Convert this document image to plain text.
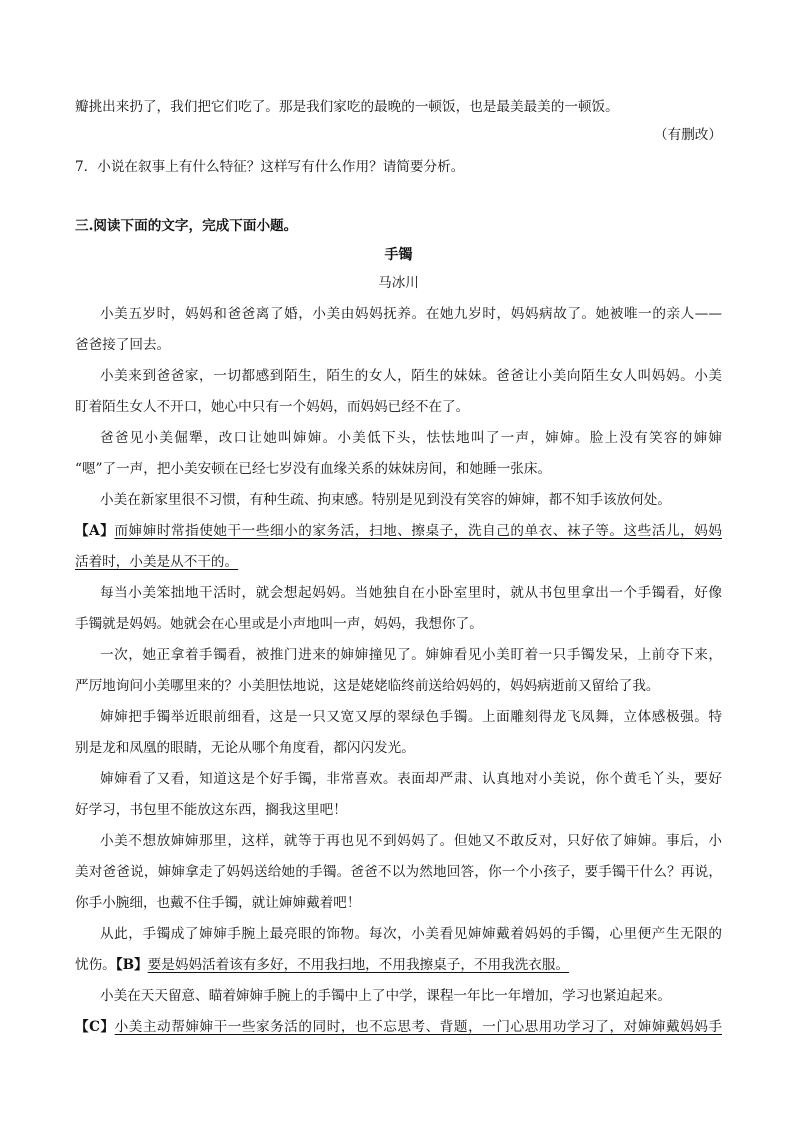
瓣挑出来扔了，我们把它们吃了。那是我们家吃的最晚的一顿饭，也是最美最美的一顿饭。
（有删改）
7．小说在叙事上有什么特征？这样写有什么作用？请简要分析。
三.阅读下面的文字，完成下面小题。
手镯
马冰川
小美五岁时，妈妈和爸爸离了婚，小美由妈妈抚养。在她九岁时，妈妈病故了。她被唯一的亲人——
爸爸接了回去。
小美来到爸爸家，一切都感到陌生，陌生的女人，陌生的妹妹。爸爸让小美向陌生女人叫妈妈。小美
盯着陌生女人不开口，她心中只有一个妈妈，而妈妈已经不在了。
爸爸见小美倔犟，改口让她叫婶婶。小美低下头，怯怯地叫了一声，婶婶。脸上没有笑容的婶婶
“嗯”了一声，把小美安顿在已经七岁没有血缘关系的妹妹房间，和她睡一张床。
小美在新家里很不习惯，有种生疏、拘束感。特别是见到没有笑容的婶婶，都不知手该放何处。
【A】而婶婶时常指使她干一些细小的家务活，扫地、擦桌子，洗自己的单衣、袜子等。这些活儿，妈妈
活着时，小美是从不干的。
每当小美笨拙地干活时，就会想起妈妈。当她独自在小卧室里时，就从书包里拿出一个手镯看，好像
手镯就是妈妈。她就会在心里或是小声地叫一声，妈妈，我想你了。
一次，她正拿着手镯看，被推门进来的婶婶撞见了。婶婶看见小美盯着一只手镯发呆，上前夺下来，
严厉地询问小美哪里来的？小美胆怯地说，这是姥姥临终前送给妈妈的，妈妈病逝前又留给了我。
婶婶把手镯举近眼前细看，这是一只又宽又厚的翠绿色手镯。上面雕刻得龙飞凤舞，立体感极强。特
别是龙和凤凰的眼睛，无论从哪个角度看，都闪闪发光。
婶婶看了又看，知道这是个好手镯，非常喜欢。表面却严肃、认真地对小美说，你个黄毛丫头，要好
好学习，书包里不能放这东西，搁我这里吧！
小美不想放婶婶那里，这样，就等于再也见不到妈妈了。但她又不敢反对，只好依了婶婶。事后，小
美对爸爸说，婶婶拿走了妈妈送给她的手镯。爸爸不以为然地回答，你一个小孩子，要手镯干什么？再说，
你手小腕细，也戴不住手镯，就让婶婶戴着吧！
从此，手镯成了婶婶手腕上最亮眼的饰物。每次，小美看见婶婶戴着妈妈的手镯，心里便产生无限的
忧伤。【B】要是妈妈活着该有多好，不用我扫地，不用我擦桌子，不用我洗衣服。
小美在天天留意、瞄着婶婶手腕上的手镯中上了中学，课程一年比一年增加，学习也紧迫起来。
【C】小美主动帮婶婶干一些家务活的同时，也不忘思考、背题，一门心思用功学习了，对婶婶戴妈妈手
